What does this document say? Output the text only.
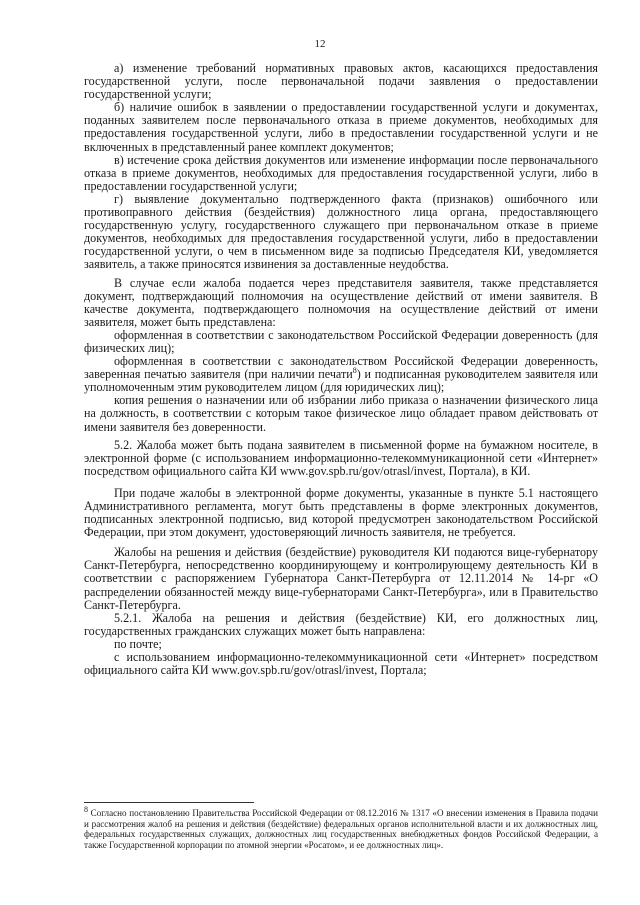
12

а) изменение требований нормативных правовых актов, касающихся предоставления государственной услуги, после первоначальной подачи заявления о предоставлении государственной услуги;

б) наличие ошибок в заявлении о предоставлении государственной услуги и документах, поданных заявителем после первоначального отказа в приеме документов, необходимых для предоставления государственной услуги, либо в предоставлении государственной услуги и не включенных в представленный ранее комплект документов;

в) истечение срока действия документов или изменение информации после первоначального отказа в приеме документов, необходимых для предоставления государственной услуги, либо в предоставлении государственной услуги;

г) выявление документально подтвержденного факта (признаков) ошибочного или противоправного действия (бездействия) должностного лица органа, предоставляющего государственную услугу, государственного служащего при первоначальном отказе в приеме документов, необходимых для предоставления государственной услуги, либо в предоставлении государственной услуги, о чем в письменном виде за подписью Председателя КИ, уведомляется заявитель, а также приносятся извинения за доставленные неудобства.

В случае если жалоба подается через представителя заявителя, также представляется документ, подтверждающий полномочия на осуществление действий от имени заявителя. В качестве документа, подтверждающего полномочия на осуществление действий от имени заявителя, может быть представлена:

оформленная в соответствии с законодательством Российской Федерации доверенность (для физических лиц);

оформленная в соответствии с законодательством Российской Федерации доверенность, заверенная печатью заявителя (при наличии печати$^8$) и подписанная руководителем заявителя или уполномоченным этим руководителем лицом (для юридических лиц);

копия решения о назначении или об избрании либо приказа о назначении физического лица на должность, в соответствии с которым такое физическое лицо обладает правом действовать от имени заявителя без доверенности.

5.2. Жалоба может быть подана заявителем в письменной форме на бумажном носителе, в электронной форме (с использованием информационно-телекоммуникационной сети «Интернет» посредством официального сайта КИ www.gov.spb.ru/gov/otrasl/invest, Портала), в КИ.

При подаче жалобы в электронной форме документы, указанные в пункте 5.1 настоящего Административного регламента, могут быть представлены в форме электронных документов, подписанных электронной подписью, вид которой предусмотрен законодательством Российской Федерации, при этом документ, удостоверяющий личность заявителя, не требуется.

Жалобы на решения и действия (бездействие) руководителя КИ подаются вице-губернатору Санкт-Петербурга, непосредственно координирующему и контролирующему деятельность КИ в соответствии с распоряжением Губернатора Санкт-Петербурга от 12.11.2014 № 14-рг «О распределении обязанностей между вице-губернаторами Санкт-Петербурга», или в Правительство Санкт-Петербурга.

5.2.1. Жалоба на решения и действия (бездействие) КИ, его должностных лиц, государственных гражданских служащих может быть направлена:

по почте;

с использованием информационно-телекоммуникационной сети «Интернет» посредством официального сайта КИ www.gov.spb.ru/gov/otrasl/invest, Портала;

$^8$ Согласно постановлению Правительства Российской Федерации от 08.12.2016 № 1317 «О внесении изменения в Правила подачи и рассмотрения жалоб на решения и действия (бездействие) федеральных органов исполнительной власти и их должностных лиц, федеральных государственных служащих, должностных лиц государственных внебюджетных фондов Российской Федерации, а также Государственной корпорации по атомной энергии «Росатом», и ее должностных лиц».
